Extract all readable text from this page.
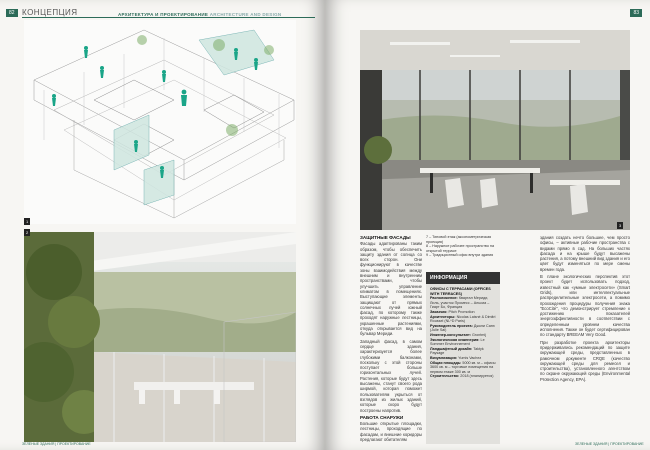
82 КОНЦЕПЦИЯ	АРХИТЕКТУРА И ПРОЕКТИРОВАНИЕ ARCHITECTURE AND DESIGN
1
2
ЗЕЛЕНЫЕ ЗДАНИЯ | ПРОЕКТИРОВАНИЕ
83
3
ЗАЩИТНЫЕ ФАСАДЫ

Фасады адаптированы таким образом, чтобы обеспечить защиту здания от солнца со всех сторон. Они функционируют в качестве зоны взаимодействия между внешним и внутренним пространствами, чтобы улучшить управление климатом в помещениях. Выступающие элементы защищают от прямых солнечных лучей южный фасад, по которому также проходят наружные лестницы, украшенные растениями, откуда открывается вид на бульвар Мериди.

Западный фасад, в самом сердце здания, характеризуется более глубокими балконами, поскольку с этой стороны поступает больше горизонтальных лучей. Растения, которые будут здесь высажены, станут своего рода ширмой, которая поможет пользователям укрыться от взглядов из жилых зданий, которые скоро будут построены напротив.

РАБОТА СНАРУЖИ

Большие открытые площадки, лестницы, проходящие по фасадам, и внешние коридоры предлагают обитателям

7 – Типовой этаж (аксонометрическая проекция)
8 – Наружное рабочее пространство на открытой террасе
9 – Традиционный офис внутри здания
ИНФОРМАЦИЯ
ОФИСЫ С ТЕРРАСАМИ (OFFICES WITH TERRACES)
Расположение: Квартал Мериди, Лиль, участок Промесс – Альсиа – Гиарт Бо, Франция
Заказчик: Pitch Promotion
Архитекторы: Nicolas Laisné & Dimitri Roussel (NL*D Paris)
Руководитель проекта: Джоли Сапэ (Julie Sai)
Инженер-консультант: Grontmij
Экологическая инженерия: Le Sommer Environnement
Ландшафтный дизайн: Taktyk Paysage
Визуализация: Yumis Vachez
Общая площадь: 5000 кв. м – офисы 3600 кв. м – торговые помещения на первом этаже 300 кв. м
Строительство: 2018 (планируется)

здания создать нечто большее, чем просто офисы, – активные рабочие пространства с видами прямо в сад. На больших частях фасада и на крыше будут высажены растения, а потому внешний вид здания и его цвет будут изменяться по мере смены времен года.

В плане экологических перспектив этот проект будет использовать подход, известный как «умные электросети» (Smart Grids), или интеллектуальные распределительные электросети, а помимо прохождения процедуры получения знака "EcoCité", что демонстрирует стремление к достижению показателей энергоэффективности в соответствии с определенным уровнем качества исполнения. Также он будет сертифицирован по стандарту BREEAM Very Good.

При разработке проекта архитекторы придерживались рекомендаций по защите окружающей среды, представленных в рамочном документе CRQE (качество окружающей среды для ремесел и строительства), установленного агентством по охране окружающей среды (Environmental Protection Agency, EPA).

ЗЕЛЕНЫЕ ЗДАНИЯ | ПРОЕКТИРОВАНИЕ
